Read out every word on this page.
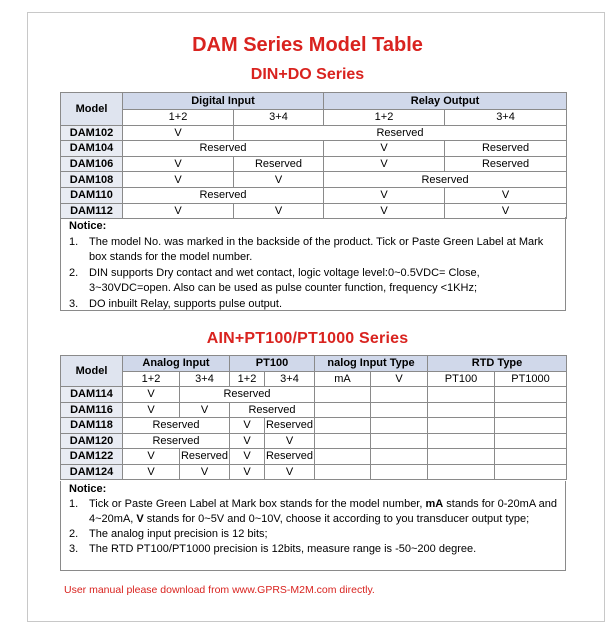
DAM Series Model Table
DIN+DO Series
Model	Digital Input		Relay Output	
	1+2	3+4	1+2	3+4
DAM102	V	Reserved		
DAM104	Reserved		V	Reserved
DAM106	V	Reserved	V	Reserved
DAM108	V	V	Reserved	
DAM110	Reserved		V	V
DAM112	V	V	V	V
Notice:
1. The model No. was marked in the backside of the product. Tick or Paste Green Label at Mark box stands for the model number.
2. DIN supports Dry contact and wet contact, logic voltage level:0~0.5VDC= Close, 3~30VDC=open. Also can be used as pulse counter function, frequency <1KHz;
3. DO inbuilt Relay, supports pulse output.
AIN+PT100/PT1000 Series
Model	Analog Input		PT100		nalog Input Type		RTD Type	
	1+2	3+4	1+2	3+4	mA	V	PT100	PT1000
DAM114	V	Reserved						
DAM116	V	V	Reserved					
DAM118	Reserved		V	Reserved				
DAM120	Reserved		V	V				
DAM122	V	Reserved	V	Reserved				
DAM124	V	V	V	V				
Notice:
1. Tick or Paste Green Label at Mark box stands for the model number, mA stands for 0-20mA and 4~20mA, V stands for 0~5V and 0~10V, choose it according to you transducer output type;
2. The analog input precision is 12 bits;
3. The RTD PT100/PT1000 precision is 12bits, measure range is -50~200 degree.
User manual please download from www.GPRS-M2M.com directly.
